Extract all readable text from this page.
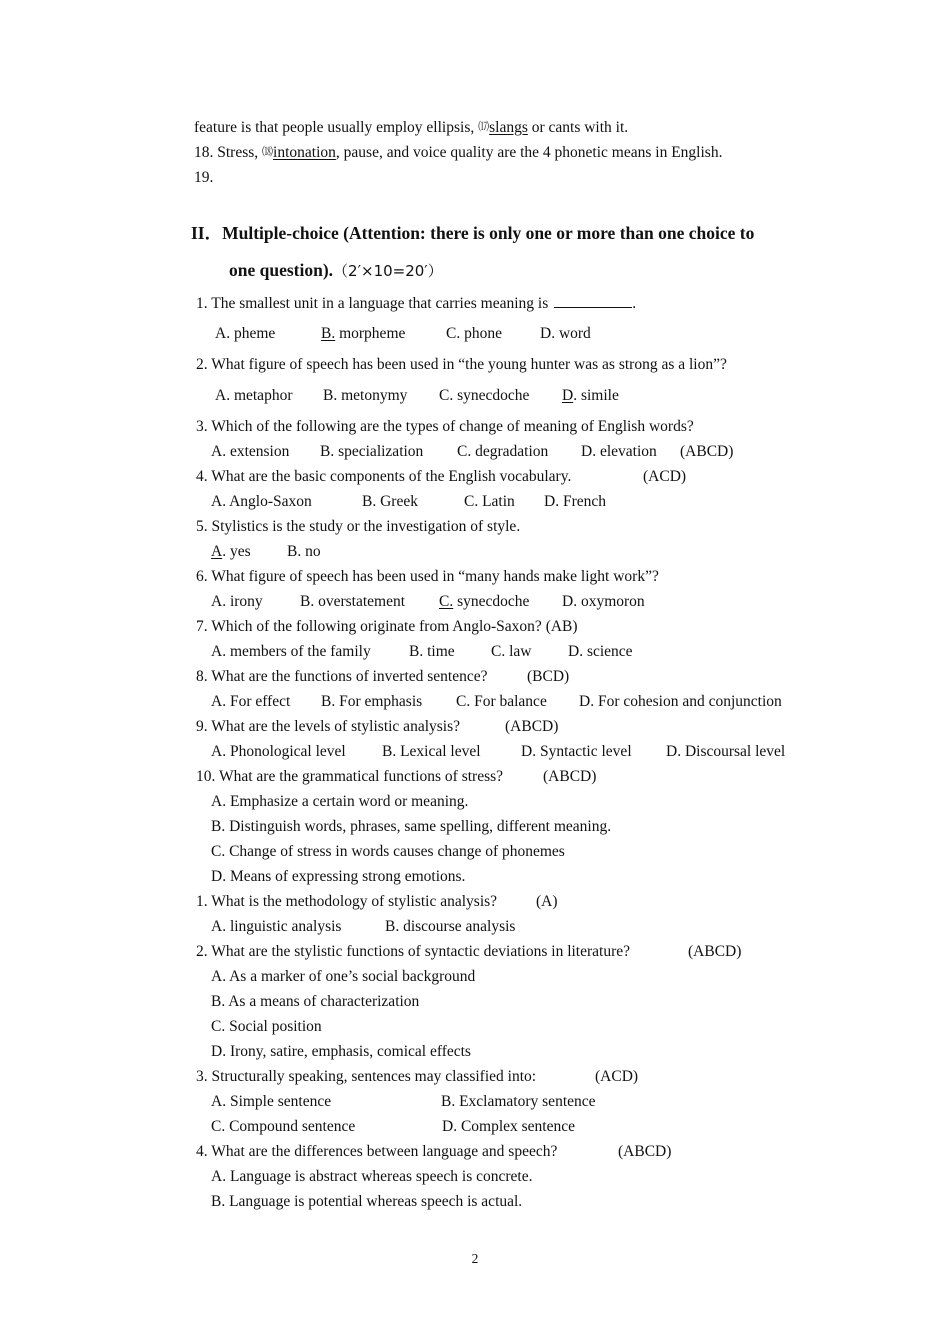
feature is that people usually employ ellipsis, ⒄slangs or cants with it.
18. Stress, ⒅intonation, pause, and voice quality are the 4 phonetic means in English.
19.
II．Multiple-choice (Attention: there is only one or more than one choice to
one question).（2′×10=20′）
1. The smallest unit in a language that carries meaning is	.
A. pheme	B. morpheme	C. phone D. word
2. What figure of speech has been used in “the young hunter was as strong as a lion”?
A. metaphor B. metonymy C. synecdoche D. simile
3. Which of the following are the types of change of meaning of English words?
A. extension B. specialization C. degradation D. elevation (ABCD)
4. What are the basic components of the English vocabulary.	(ACD)
A. Anglo-Saxon	B. Greek	C. Latin D. French
5. Stylistics is the study or the investigation of style.
A. yes B. no
6. What figure of speech has been used in “many hands make light work”?
A. irony B. overstatement C. synecdoche D. oxymoron
7. Which of the following originate from Anglo-Saxon? (AB)
A. members of the family B. time C. law D. science
8. What are the functions of inverted sentence?	(BCD)
A. For effect B. For emphasis C. For balance D. For cohesion and conjunction
9. What are the levels of stylistic analysis?	(ABCD)
A. Phonological level B. Lexical level	D. Syntactic level D. Discoursal level
10. What are the grammatical functions of stress?	(ABCD)
A. Emphasize a certain word or meaning.
B. Distinguish words, phrases, same spelling, different meaning.
C. Change of stress in words causes change of phonemes
D. Means of expressing strong emotions.
1. What is the methodology of stylistic analysis?	(A)
A. linguistic analysis	B. discourse analysis
2. What are the stylistic functions of syntactic deviations in literature?	(ABCD)
A. As a marker of one’s social background
B. As a means of characterization
C. Social position
D. Irony, satire, emphasis, comical effects
3. Structurally speaking, sentences may classified into:	(ACD)
A. Simple sentence	B. Exclamatory sentence
C. Compound sentence	D. Complex sentence
4. What are the differences between language and speech?	(ABCD)
A. Language is abstract whereas speech is concrete.
B. Language is potential whereas speech is actual.
2
